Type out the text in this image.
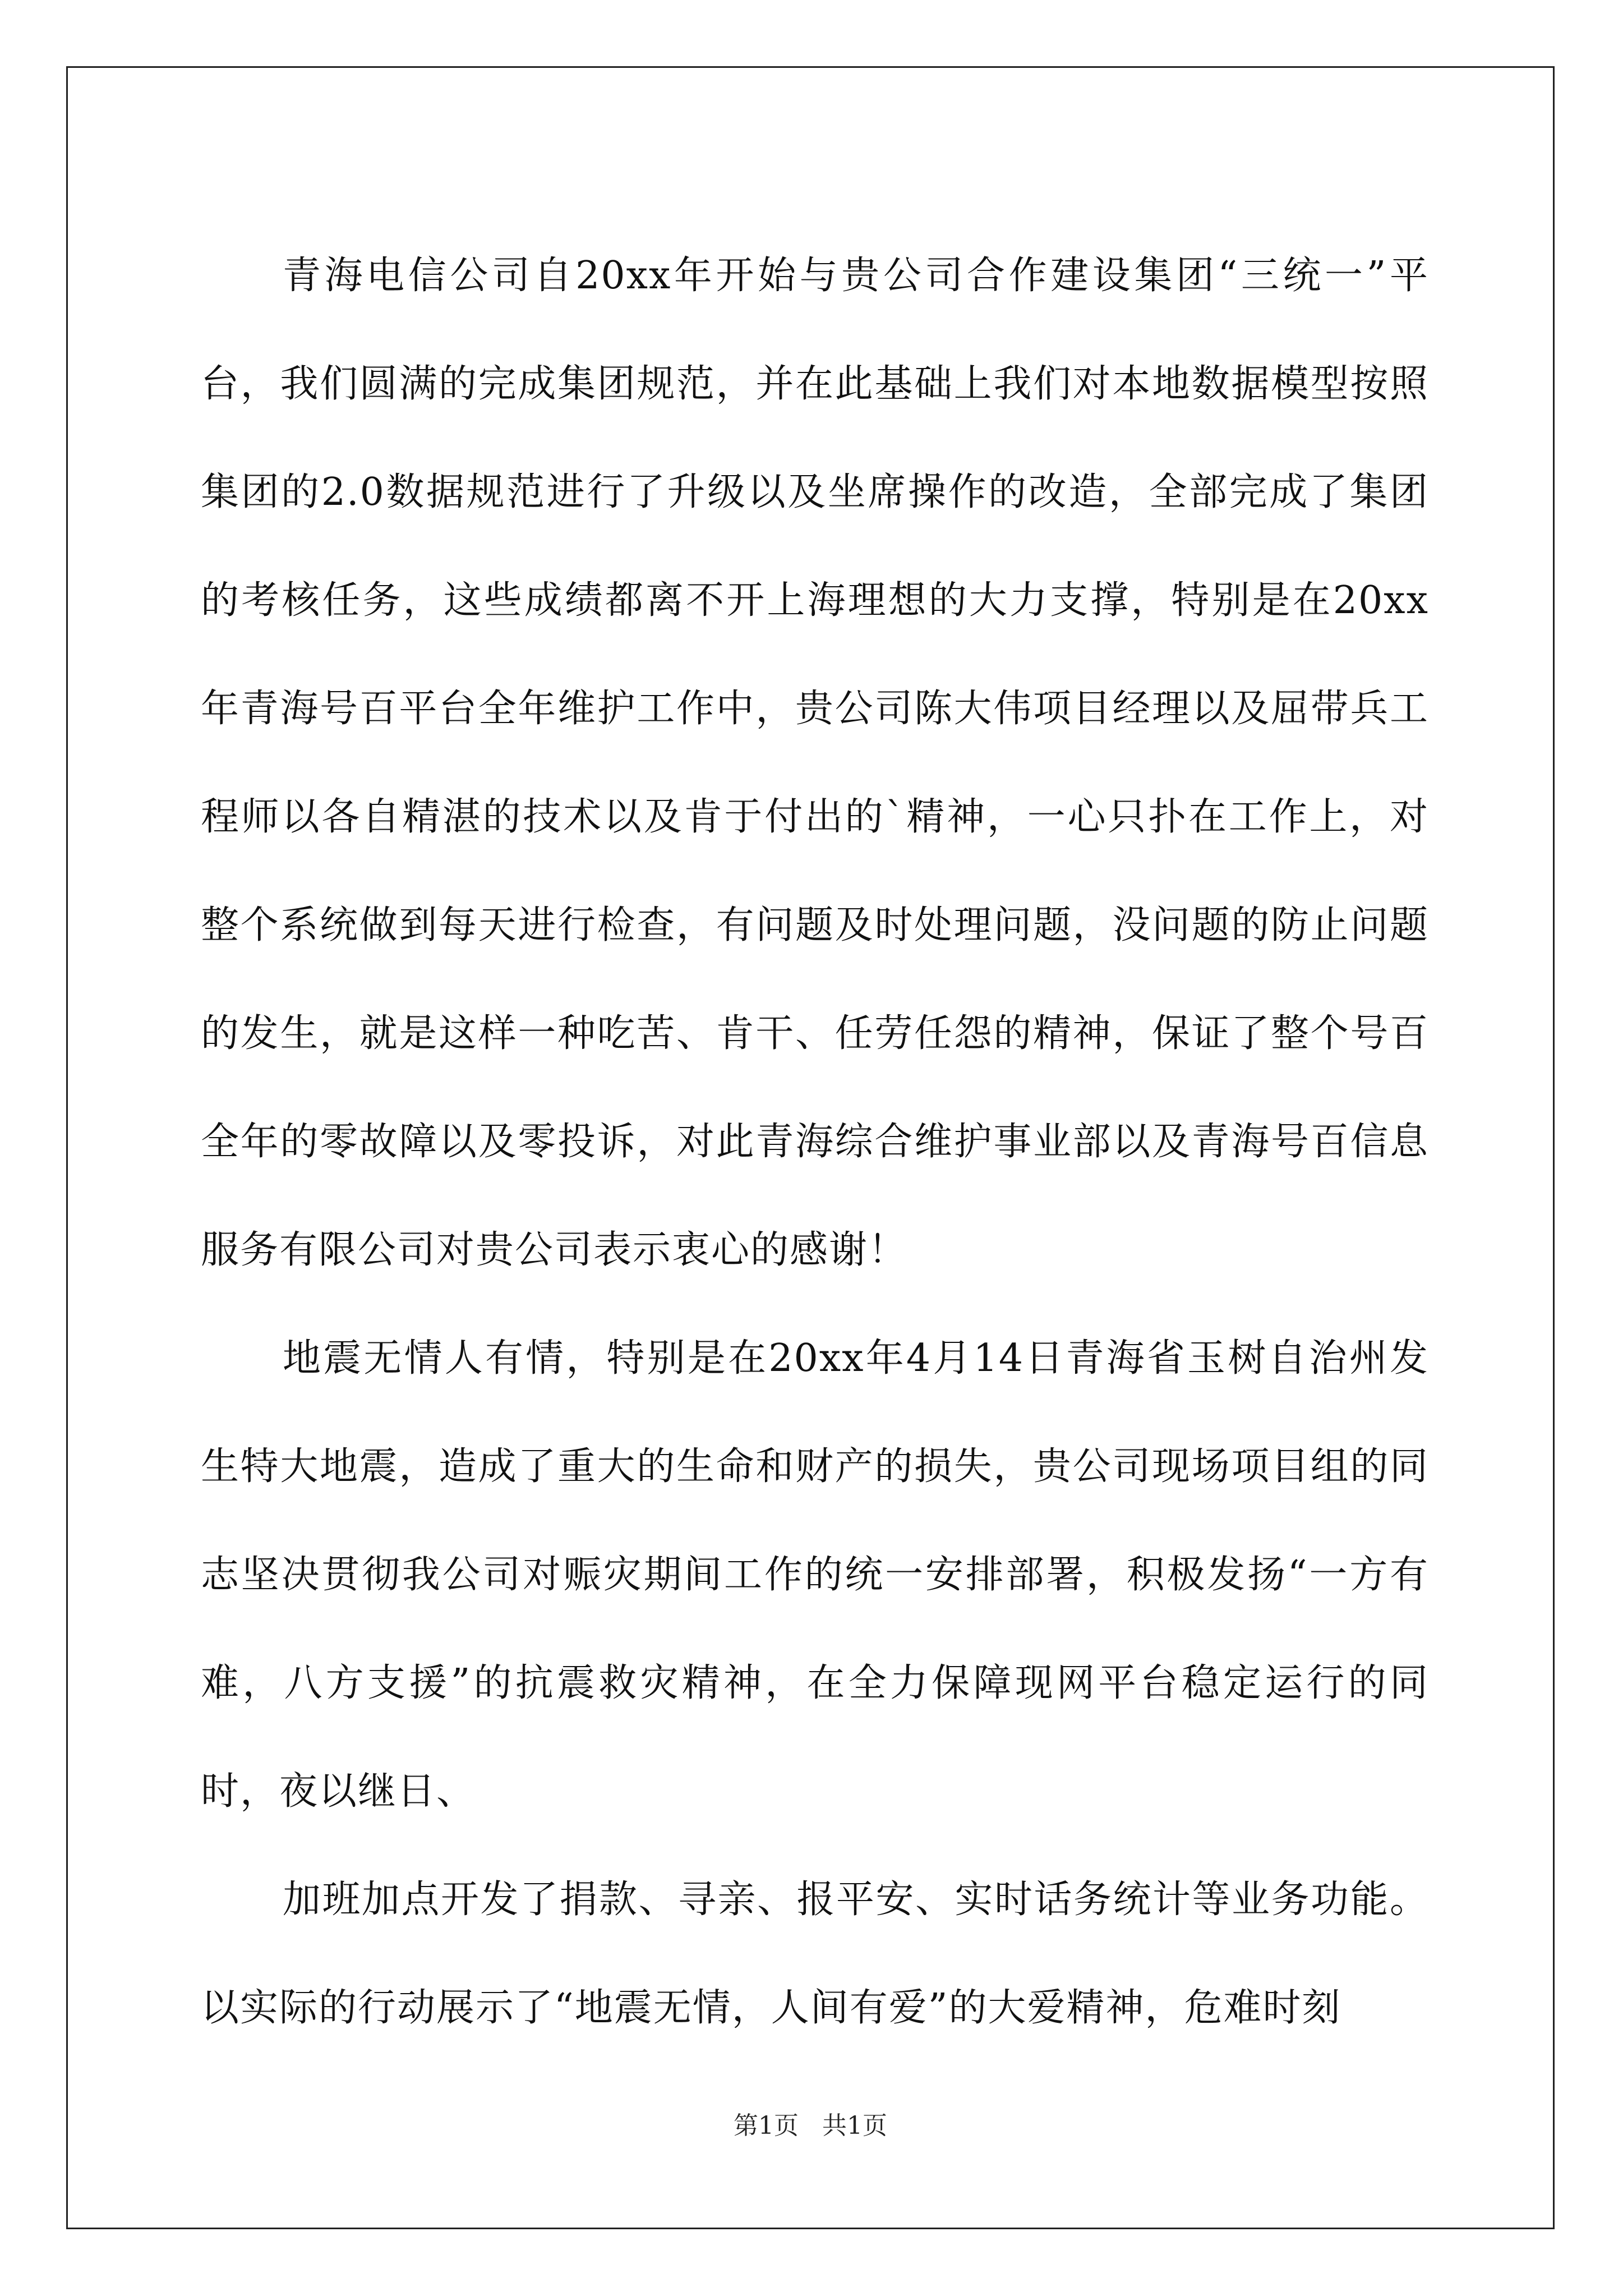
青海电信公司自20xx年开始与贵公司合作建设集团“三统一”平台，我们圆满的完成集团规范，并在此基础上我们对本地数据模型按照集团的2.0数据规范进行了升级以及坐席操作的改造，全部完成了集团的考核任务，这些成绩都离不开上海理想的大力支撑，特别是在20xx年青海号百平台全年维护工作中，贵公司陈大伟项目经理以及屈带兵工程师以各自精湛的技术以及肯于付出的`精神，一心只扑在工作上，对整个系统做到每天进行检查，有问题及时处理问题，没问题的防止问题的发生，就是这样一种吃苦、肯干、任劳任怨的精神，保证了整个号百全年的零故障以及零投诉，对此青海综合维护事业部以及青海号百信息服务有限公司对贵公司表示衷心的感谢！

地震无情人有情，特别是在20xx年4月14日青海省玉树自治州发生特大地震，造成了重大的生命和财产的损失，贵公司现场项目组的同志坚决贯彻我公司对赈灾期间工作的统一安排部署，积极发扬“一方有难，八方支援”的抗震救灾精神，在全力保障现网平台稳定运行的同时，夜以继日、

加班加点开发了捐款、寻亲、报平安、实时话务统计等业务功能。以实际的行动展示了“地震无情，人间有爱”的大爱精神，危难时刻

第1页 共1页
